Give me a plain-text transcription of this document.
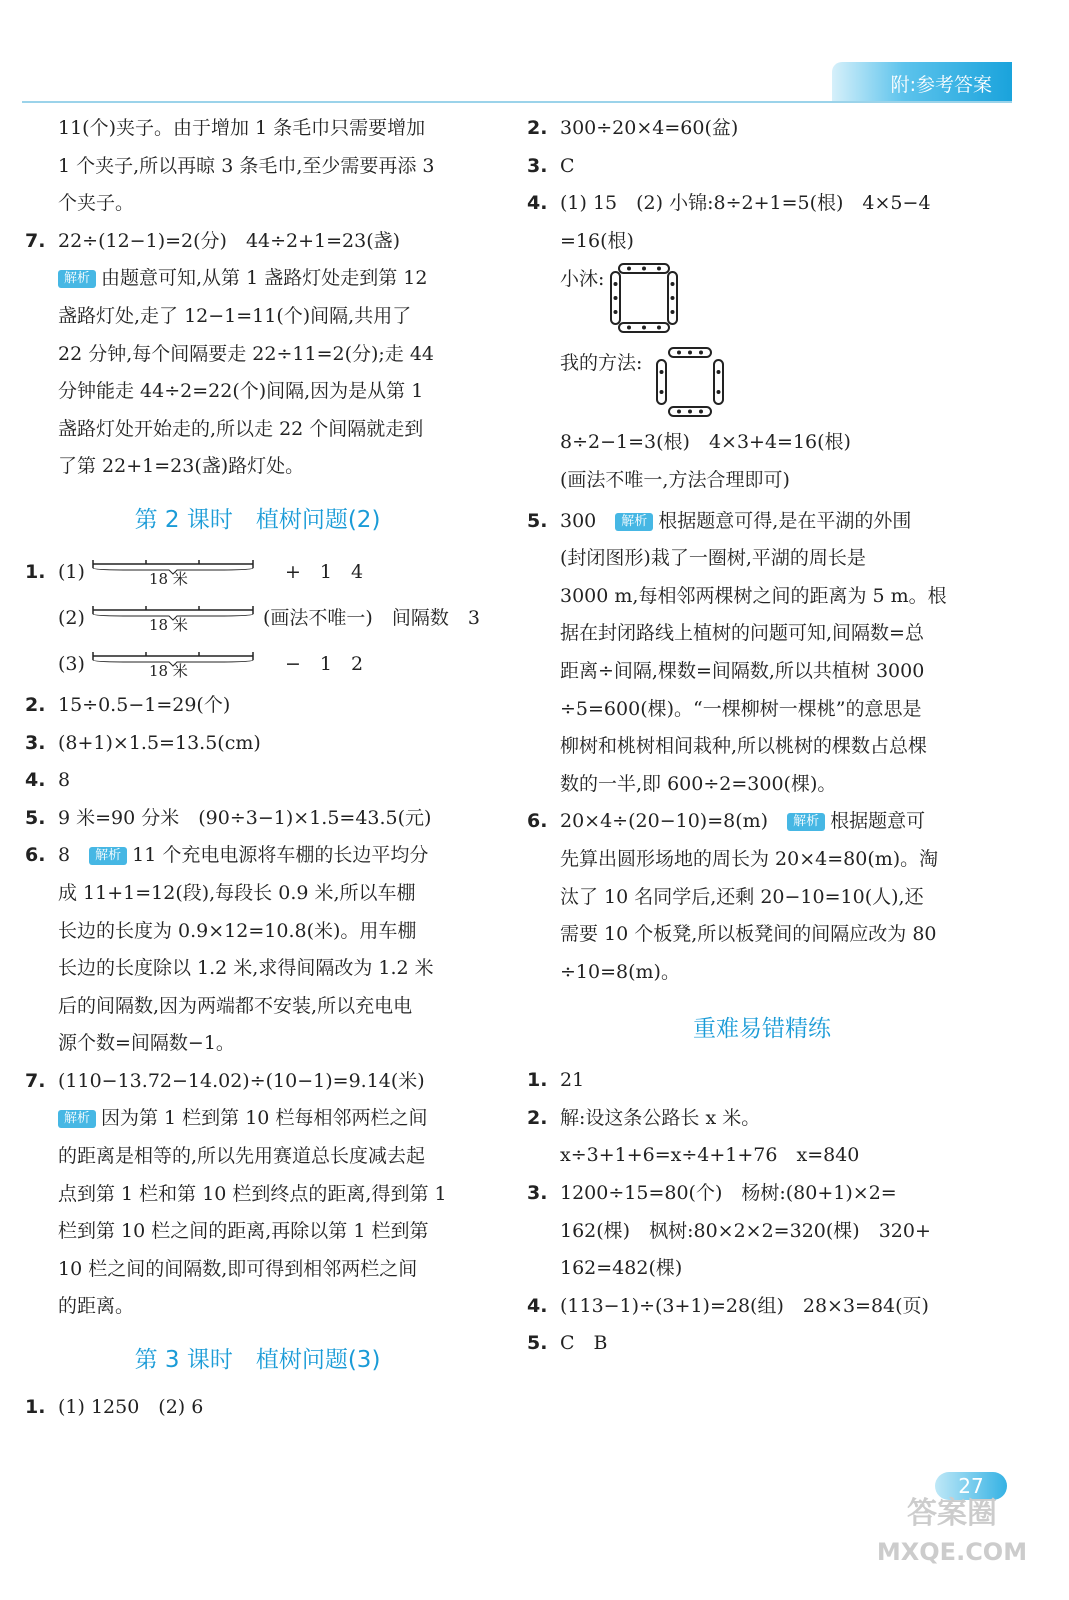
附:参考答案
11(个)夹子。由于增加 1 条毛巾只需要增加
1 个夹子,所以再晾 3 条毛巾,至少需要再添 3
个夹子。
7. 22÷(12−1)=2(分)　44÷2+1=23(盏)
解析 由题意可知,从第 1 盏路灯处走到第 12
盏路灯处,走了 12−1=11(个)间隔,共用了
22 分钟,每个间隔要走 22÷11=2(分);走 44
分钟能走 44÷2=22(个)间隔,因为是从第 1
盏路灯处开始走的,所以走 22 个间隔就走到
了第 22+1=23(盏)路灯处。
第 2 课时　植树问题(2)
1. (1)	18 米	+　1　4
(2)	18 米	(画法不唯一)　间隔数　3
(3)	18 米	−　1　2
2. 15÷0.5−1=29(个)
3. (8+1)×1.5=13.5(cm)
4. 8
5. 9 米=90 分米　(90÷3−1)×1.5=43.5(元)
6. 8　 解析 11 个充电电源将车棚的长边平均分
成 11+1=12(段),每段长 0.9 米,所以车棚
长边的长度为 0.9×12=10.8(米)。用车棚
长边的长度除以 1.2 米,求得间隔改为 1.2 米
后的间隔数,因为两端都不安装,所以充电电
源个数=间隔数−1。
7. (110−13.72−14.02)÷(10−1)=9.14(米)
解析 因为第 1 栏到第 10 栏每相邻两栏之间
的距离是相等的,所以先用赛道总长度减去起
点到第 1 栏和第 10 栏到终点的距离,得到第 1
栏到第 10 栏之间的距离,再除以第 1 栏到第
10 栏之间的间隔数,即可得到相邻两栏之间
的距离。
第 3 课时　植树问题(3)
1. (1) 1250　(2) 6
2. 300÷20×4=60(盆)
3. C
4. (1) 15　(2) 小锦:8÷2+1=5(根)　4×5−4
=16(根)
小沐:
我的方法:
8÷2−1=3(根)　4×3+4=16(根)
(画法不唯一,方法合理即可)
5. 300　 解析 根据题意可得,是在平湖的外围
(封闭图形)栽了一圈树,平湖的周长是
3000 m,每相邻两棵树之间的距离为 5 m。根
据在封闭路线上植树的问题可知,间隔数=总
距离÷间隔,棵数=间隔数,所以共植树 3000
÷5=600(棵)。“一棵柳树一棵桃”的意思是
柳树和桃树相间栽种,所以桃树的棵数占总棵
数的一半,即 600÷2=300(棵)。
6. 20×4÷(20−10)=8(m)　 解析 根据题意可
先算出圆形场地的周长为 20×4=80(m)。淘
汰了 10 名同学后,还剩 20−10=10(人),还
需要 10 个板凳,所以板凳间的间隔应改为 80
÷10=8(m)。
重难易错精练
1. 21
2. 解:设这条公路长 x 米。
x÷3+1+6=x÷4+1+76　x=840
3. 1200÷15=80(个)　杨树:(80+1)×2=
162(棵)　枫树:80×2×2=320(棵)　320+
162=482(棵)
4. (113−1)÷(3+1)=28(组)　28×3=84(页)
5. C　B
27
答案圈
MXQE.COM
